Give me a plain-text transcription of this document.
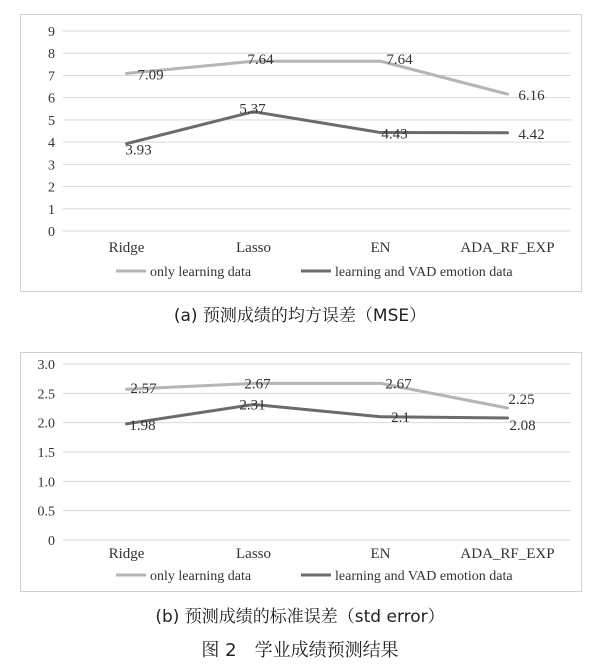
0
1
2
3
4
5
6
7
8
9
Ridge	Lasso	EN	ADA_RF_EXP
7.09
7.64	7.64
6.16
3.93
5.37
4.43	4.42
only learning data	learning and VAD emotion data
(a) 预测成绩的均方误差（MSE）
0
0.5
1.0
1.5
2.0
2.5
3.0
Ridge	Lasso	EN	ADA_RF_EXP
2.57	2.67	2.67
2.25
1.98
2.31
2.1
2.08
only learning data	learning and VAD emotion data
(b) 预测成绩的标准误差（std error）
图 2　学业成绩预测结果
